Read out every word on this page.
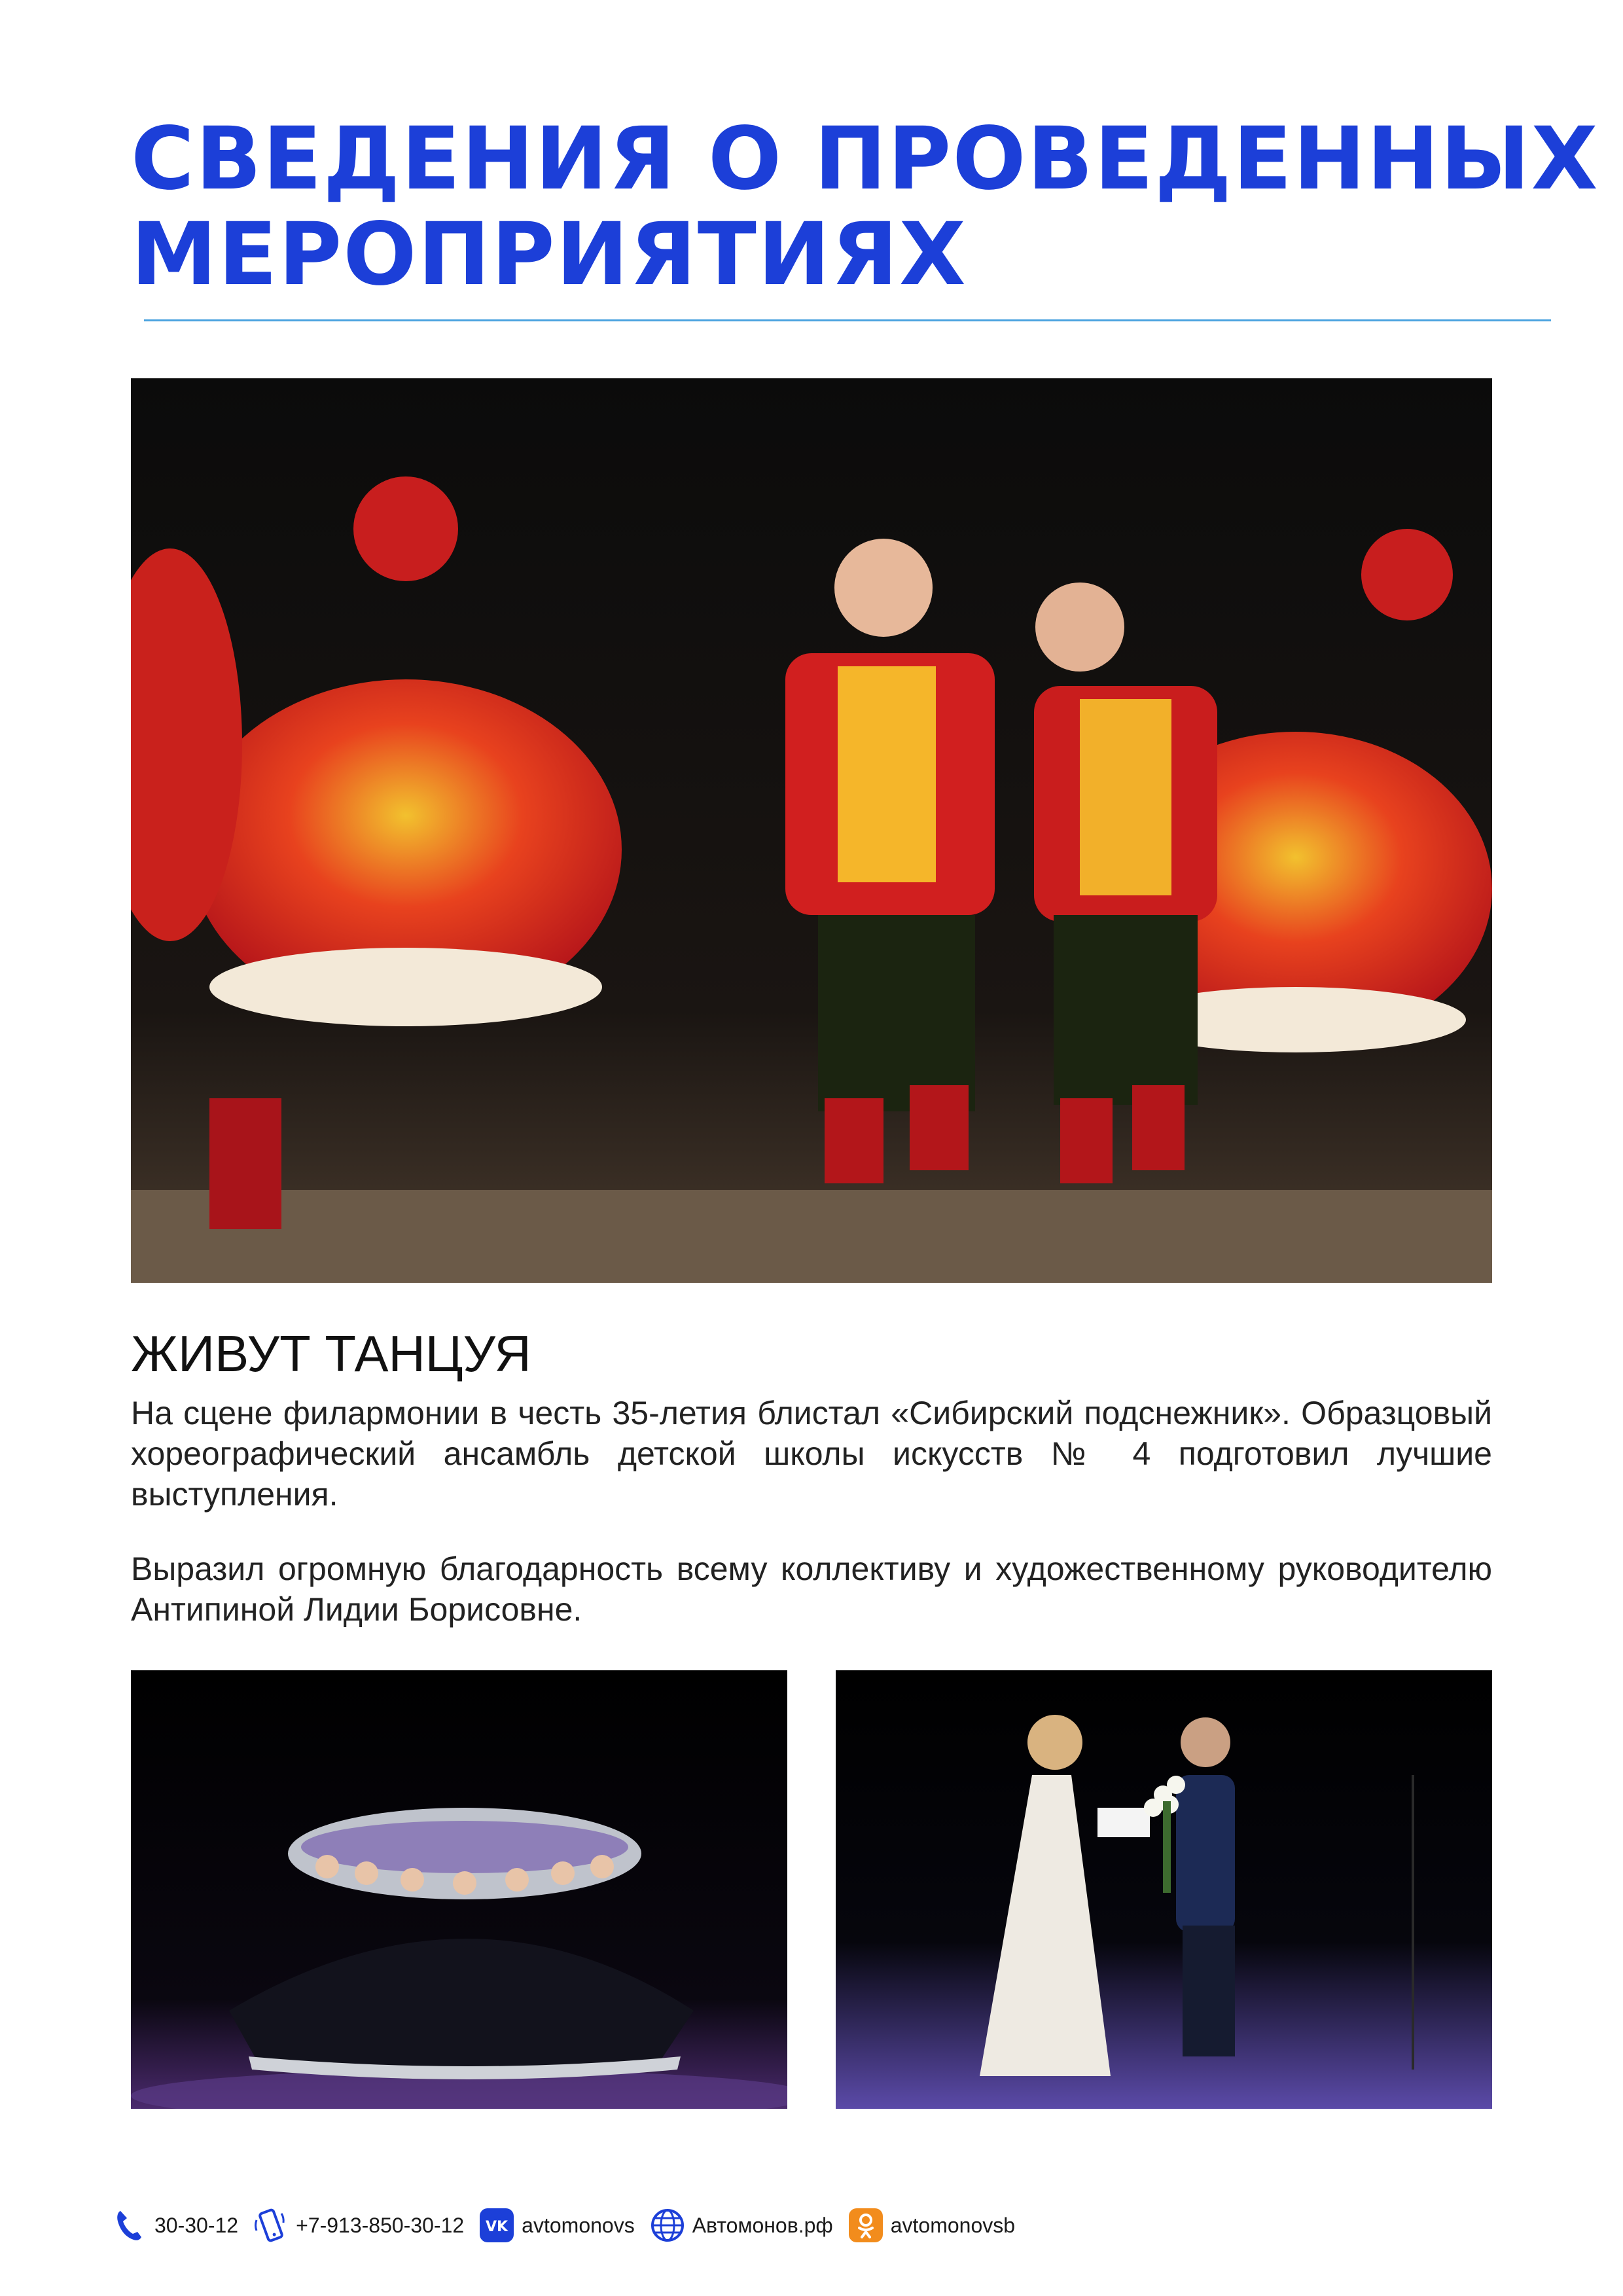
СВЕДЕНИЯ О ПРОВЕДЕННЫХ
МЕРОПРИЯТИЯХ
ЖИВУТ ТАНЦУЯ
На сцене филармонии в честь 35-летия блистал «Сибирский подснежник». Образцовый хореографический ансамбль детской школы искусств № 4 подготовил лучшие выступления.
Выразил огромную благодарность всему коллективу и художественному руководителю Антипиной Лидии Борисовне.
30-30-12	+7-913-850-30-12 VK avtomonovs	Автомонов.рф	avtomonovsb
